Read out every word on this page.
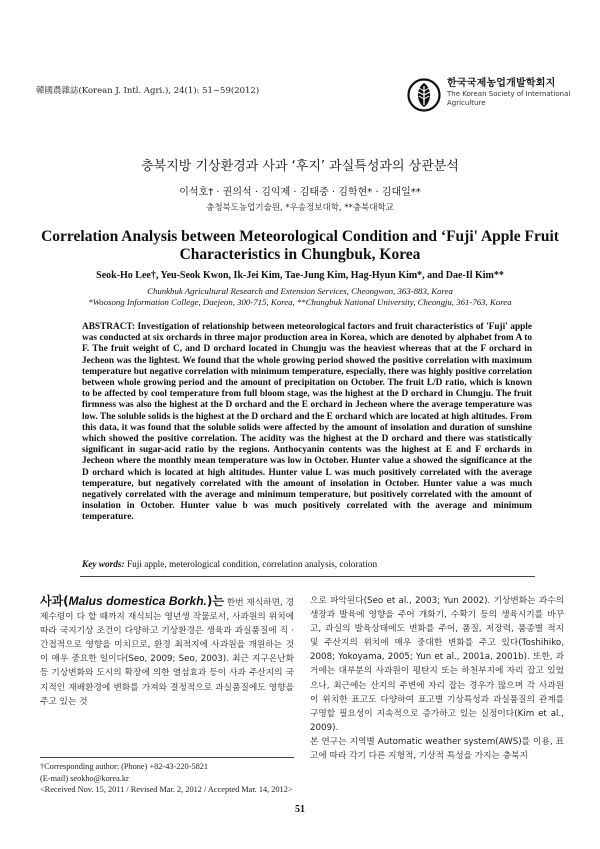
韓國農雜誌(Korean J. Intl. Agri.), 24(1): 51~59(2012)
한국국제농업개발학회지
The Korean Society of International
Agriculture
충북지방 기상환경과 사과 ‘후지’ 과실특성과의 상관분석
이석호† · 권의석 · 김익제 · 김태중 · 김학현* · 김대일**
충청북도농업기술원, *우송정보대학, **충북대학교
Correlation Analysis between Meteorological Condition and ‘Fuji' Apple Fruit Characteristics in Chungbuk, Korea
Seok-Ho Lee†, Yeu-Seok Kwon, Ik-Jei Kim, Tae-Jung Kim, Hag-Hyun Kim*, and Dae-Il Kim**
Chunkbuk Agricultural Research and Extension Services, Cheongwon, 363-883, Korea
*Woosong Information College, Daejeon, 300-715, Korea, **Chungbuk National University, Cheongju, 361-763, Korea
ABSTRACT: Investigation of relationship between meteorological factors and fruit characteristics of 'Fuji' apple was conducted at six orchards in three major production area in Korea, which are denoted by alphabet from A to F. The fruit weight of C, and D orchard located in Chungju was the heaviest whereas that at the F orchard in Jecheon was the lightest. We found that the whole growing period showed the positive correlation with maximum temperature but negative correlation with minimum temperature, especially, there was highly positive correlation between whole growing period and the amount of precipitation on October. The fruit L/D ratio, which is known to be affected by cool temperature from full bloom stage, was the highest at the D orchard in Chungju. The fruit firmness was also the highest at the D orchard and the E orchard in Jecheon where the average temperature was low. The soluble solids is the highest at the D orchard and the E orchard which are located at high altitudes. From this data, it was found that the soluble solids were affected by the amount of insolation and duration of sunshine which showed the positive correlation. The acidity was the highest at the D orchard and there was statistically significant in sugar-acid ratio by the regions. Anthocyanin contents was the highest at E and F orchards in Jecheon where the monthly mean temperature was low in October. Hunter value a showed the significance at the D orchard which is located at high altitudes. Hunter value L was much positively correlated with the average temperature, but negatively correlated with the amount of insolation in October. Hunter value a was much negatively correlated with the average and minimum temperature, but positively correlated with the amount of insolation in October. Hunter value b was much positively correlated with the average and minimum temperature.
Key words: Fuji apple, meterological condition, correlation analysis, coloration
사과(Malus domestica Borkh.)는 한번 재식하면, 경제수령이 다 할 때까지 재식되는 영년생 작물로서, 사과원의 위치에 따라 국지기상 조건이 다양하고 기상환경은 생육과 과실품질에 직 · 간접적으로 영향을 미치므로, 환경 최적지에 사과원을 개원하는 것이 매우 중요한 일이다(Seo, 2009; Seo, 2003). 최근 지구온난화 등 기상변화와 도시의 확장에 의한 열섬효과 등이 사과 주산지의 국지적인 재배환경에 변화를 가져와 결정적으로 과실품질에도 영향을 주고 있는 것
으로 파악된다(Seo et al., 2003; Yun 2002). 기상변화는 과수의 생장과 발육에 영향을 주어 개화기, 수확기 등의 생육시기를 바꾸고, 과실의 발육상태에도 변화를 주어, 품질, 저장력, 품종별 적지 및 주산지의 위치에 매우 중대한 변화를 주고 있다(Toshihiko, 2008; Yokoyama, 2005; Yun et al., 2001a, 2001b). 또한, 과거에는 대부분의 사과원이 평탄지 또는 하천부지에 자리 잡고 있었으나, 최근에는 산지의 주변에 자리 잡는 경우가 많으며 각 사과원이 위치한 표고도 다양하여 표고별 기상특성과 과실품질의 관계를 구명할 필요성이 지속적으로 증가하고 있는 실정이다(Kim et al., 2009).
본 연구는 지역별 Automatic weather system(AWS)를 이용, 표고에 따라 각기 다른 지형적, 기상적 특성을 가지는 충북지
†Corresponding author: (Phone) +82-43-220-5821
(E-mail) seokho@korea.kr
<Received Nov. 15, 2011 / Revised Mar. 2, 2012 / Accepted Mar. 14, 2012>
51
